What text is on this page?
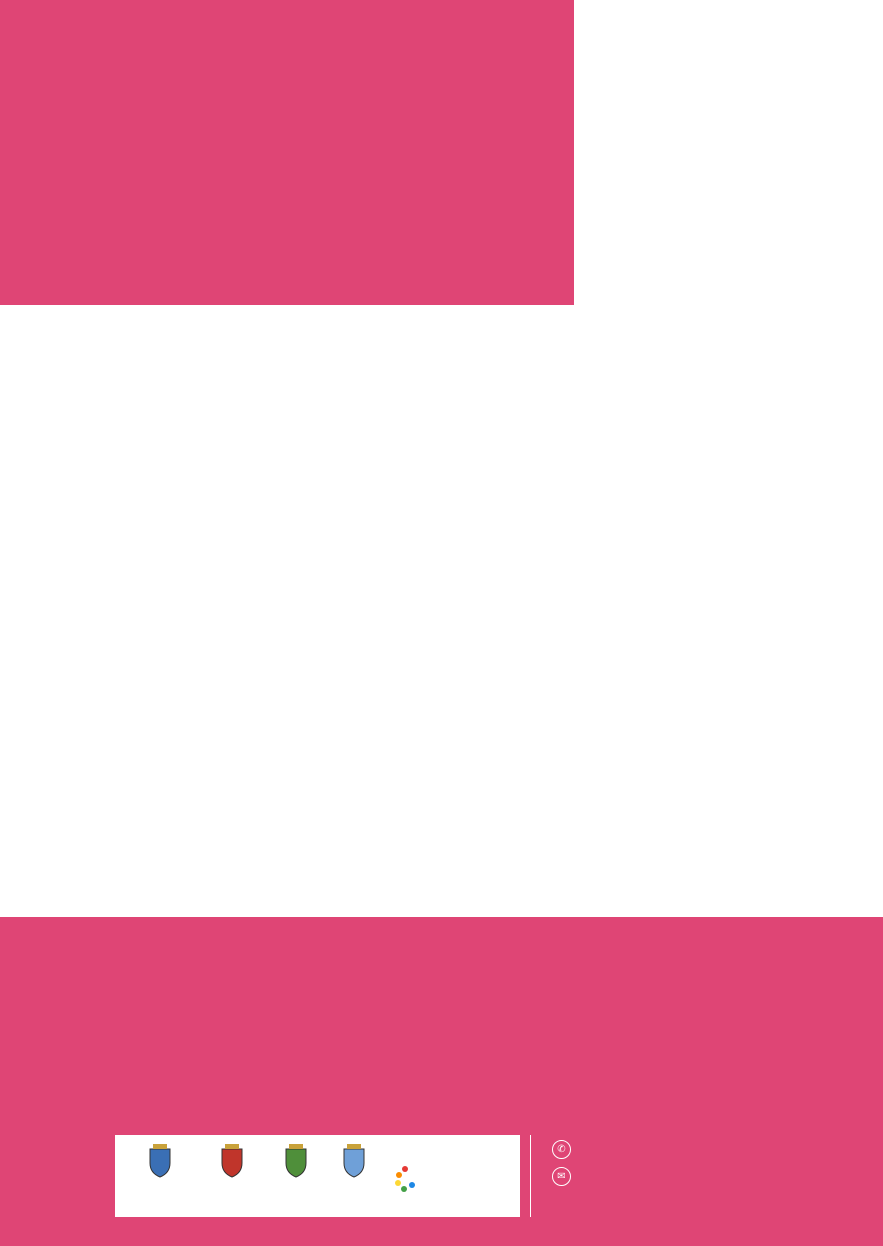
✆
✉
